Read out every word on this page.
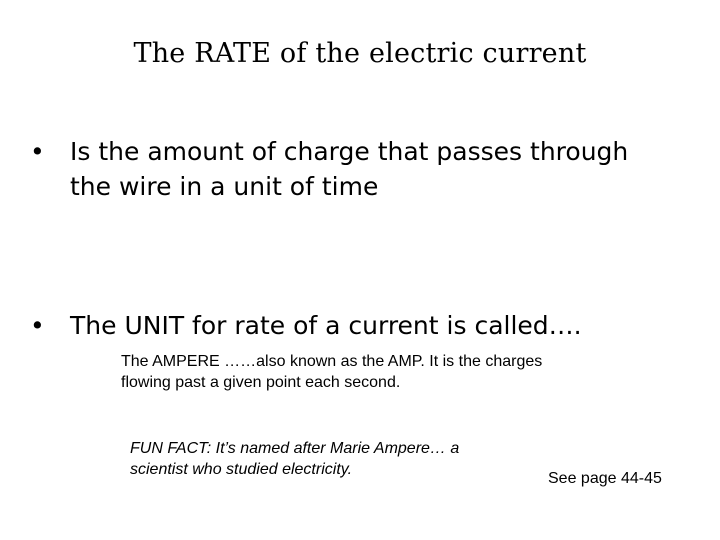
The RATE of the electric current
• Is the amount of charge that passes through the wire in a unit of time
• The UNIT for rate of a current is called….
The AMPERE ……also known as the AMP. It is the charges flowing past a given point each second.
FUN FACT: It’s named after Marie Ampere… a scientist who studied electricity.
See page 44-45
